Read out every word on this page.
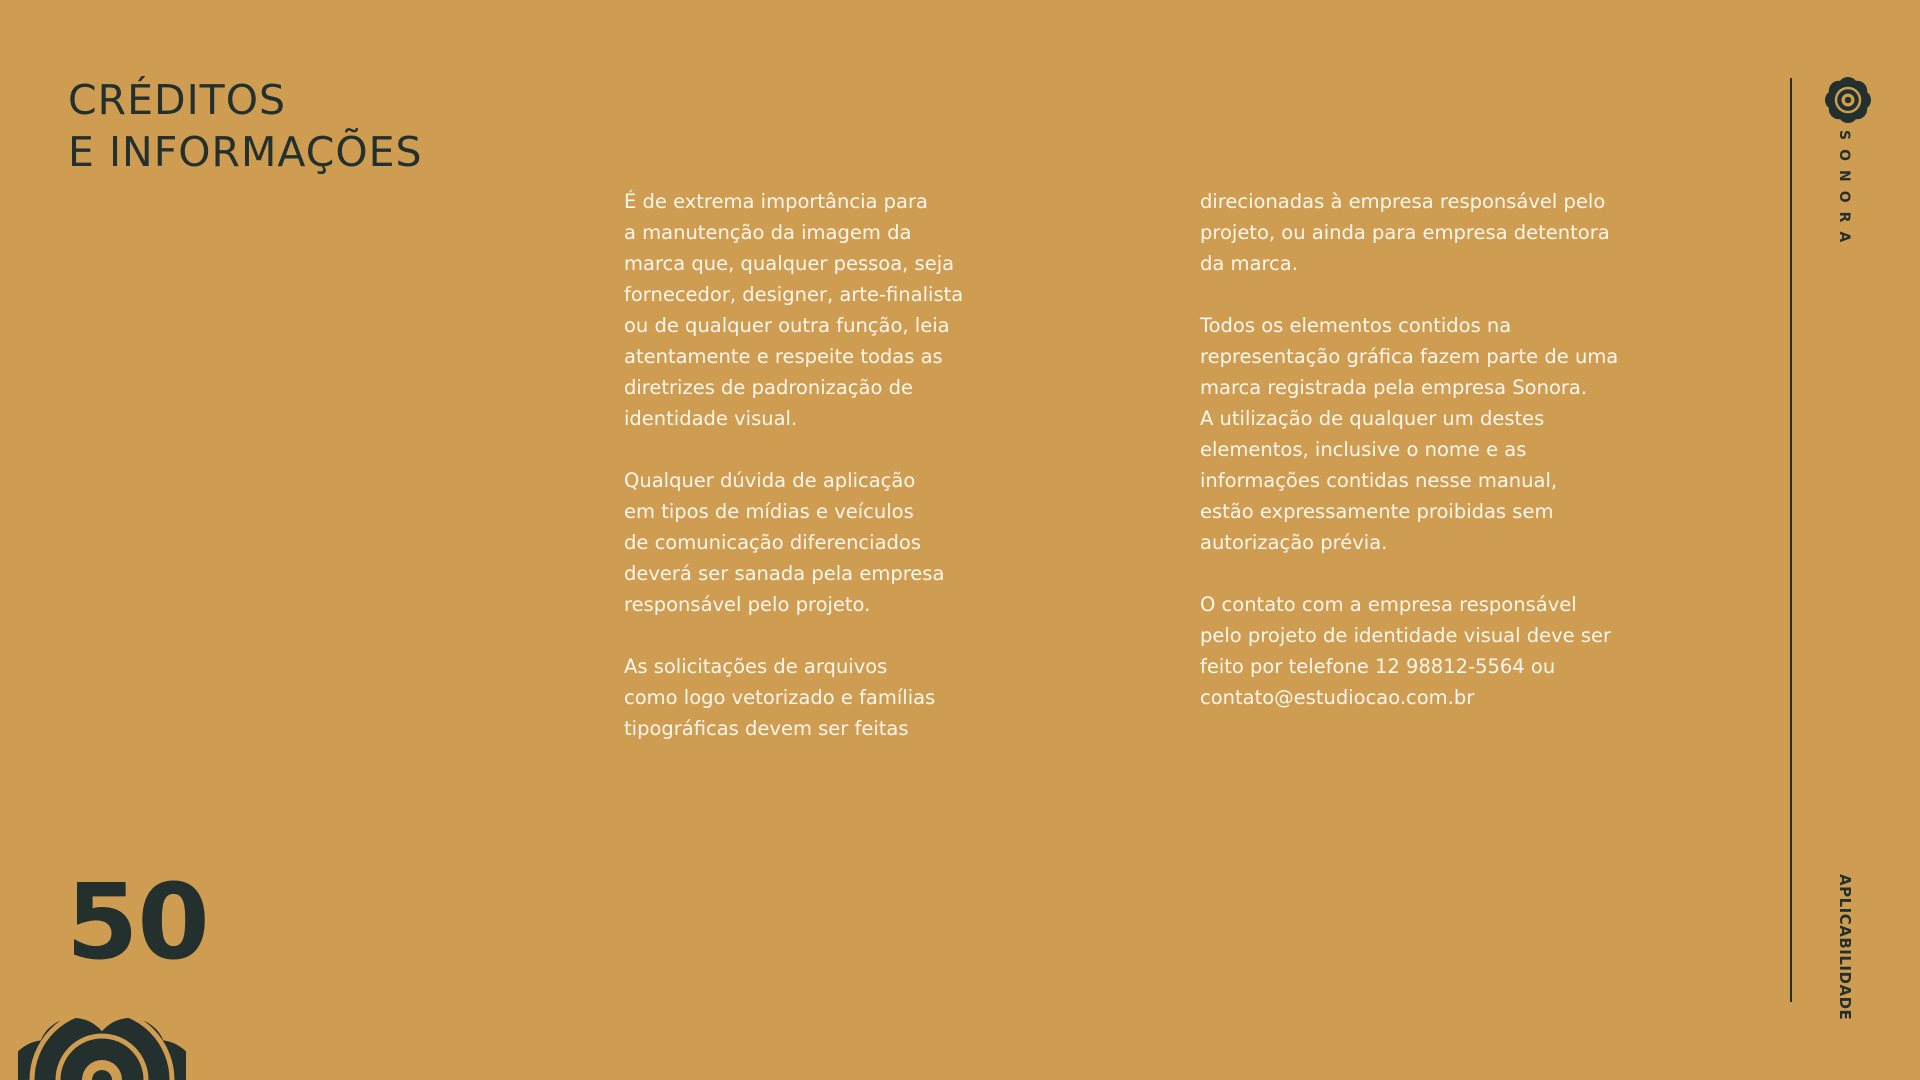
CRÉDITOS
E INFORMAÇÕES

É de extrema importância para
a manutenção da imagem da
marca que, qualquer pessoa, seja
fornecedor, designer, arte-finalista
ou de qualquer outra função, leia
atentamente e respeite todas as
diretrizes de padronização de
identidade visual.

Qualquer dúvida de aplicação
em tipos de mídias e veículos
de comunicação diferenciados
deverá ser sanada pela empresa
responsável pelo projeto.

As solicitações de arquivos
como logo vetorizado e famílias
tipográficas devem ser feitas

direcionadas à empresa responsável pelo
projeto, ou ainda para empresa detentora
da marca.

Todos os elementos contidos na
representação gráfica fazem parte de uma
marca registrada pela empresa Sonora.
A utilização de qualquer um destes
elementos, inclusive o nome e as
informações contidas nesse manual,
estão expressamente proibidas sem
autorização prévia.

O contato com a empresa responsável
pelo projeto de identidade visual deve ser
feito por telefone 12 98812-5564 ou
contato@estudiocao.com.br

50
SONORA
APLICABILIDADE
